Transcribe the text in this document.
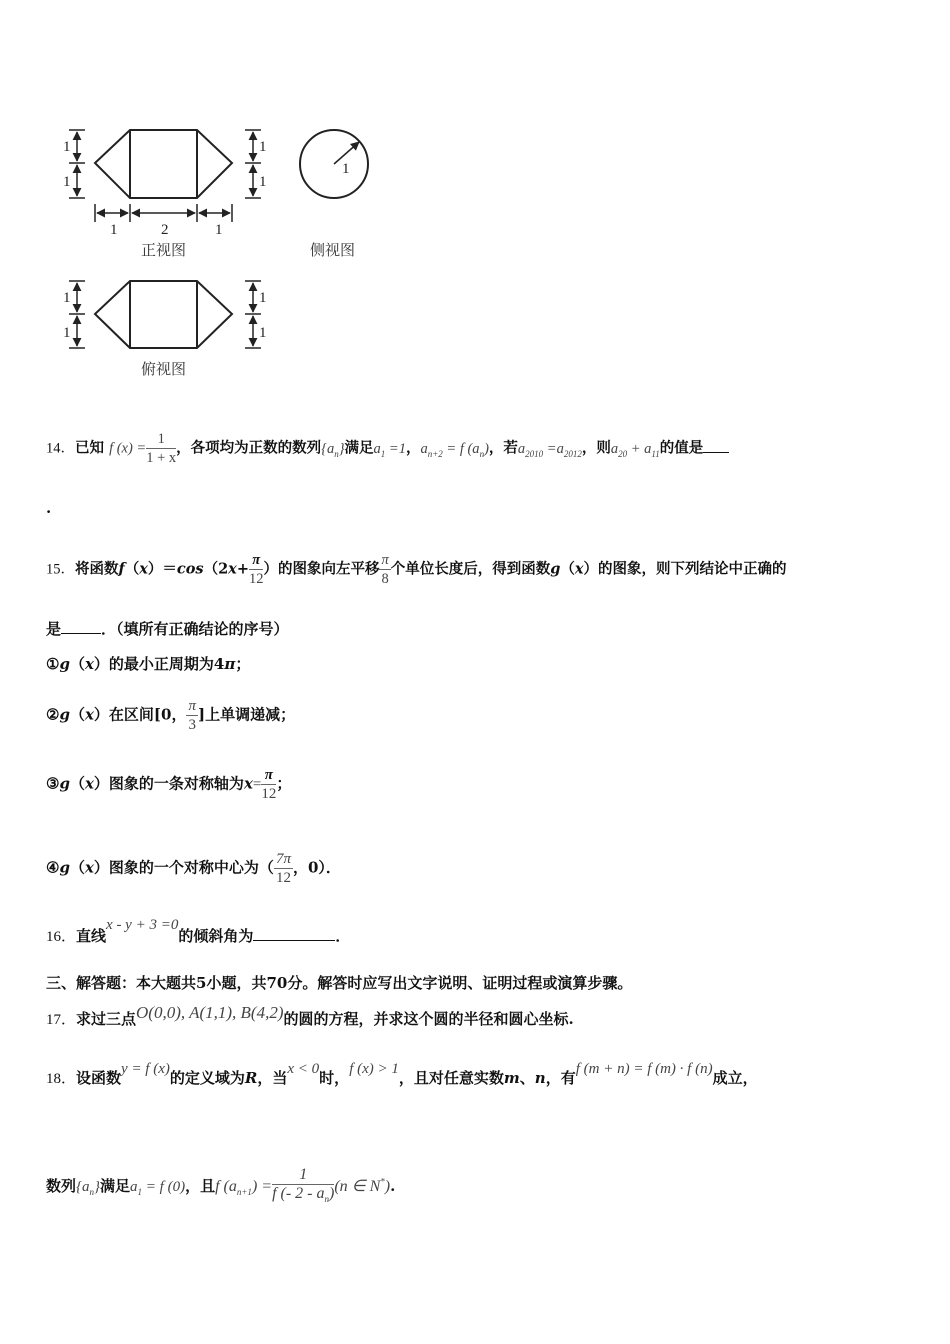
1
1
1
1
1	2	1
1
1
1
1
1
正视图	侧视图
俯视图
14．已知 f $(x) = \frac{1}{1 + x}$ ，各项均为正数的数列$\{a_n\}$满足$a_1 =1$，$a_{n+2} = f$ $(a_n)$，若$a_{2010} =a_{2012}$，则$a_{20} + a_{11}$的值是
.
15．将函数$f(x)=\cos(2x+ \frac{\pi}{12}$ ）的图象向左平移 $\frac{\pi}{8}$ 个单位长度后，得到函数g（x）的图象，则下列结论中正确的
是	．（填所有正确结论的序号）
①g（x）的最小正周期为4π；
②g（x）在区间[0， $\frac{\pi}{3}$ ]上单调递减；
③g（x）图象的一条对称轴为$x= \frac{\pi}{12}$ ；
④g（x）图象的一个对称中心为（ $\frac{7\pi}{12}$ ，0）．
16．直线x - y + 3 =0的倾斜角为	．
三、解答题：本大题共5小题，共70分。解答时应写出文字说明、证明过程或演算步骤。
17．求过三点O(0,0), A(1,1), B(4,2)的圆的方程，并求这个圆的半径和圆心坐标.
18．设函数y = f (x)的定义域为R，当x < 0时，f (x) > 1，且对任意实数m、n，有f (m + n) = f (m) · f (n)成立，
数列$\{a_n\}$满足$a_1 = f$ (0)，且f $(a_{n+1}) = \frac{1}{f (- 2 - a_n)} (n$ ∈ N*).
